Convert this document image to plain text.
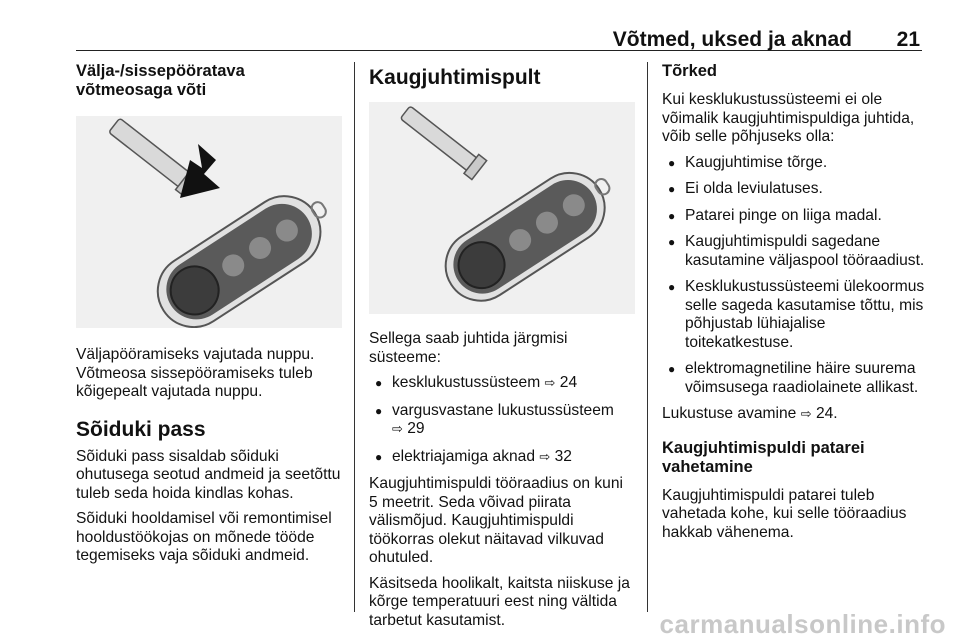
Võtmed, uksed ja aknad 21
Välja-/sissepööratava võtmeosaga võti

Väljapööramiseks vajutada nuppu. Võtmeosa sissepööramiseks tuleb kõigepealt vajutada nuppu.

Sõiduki pass

Sõiduki pass sisaldab sõiduki ohutusega seotud andmeid ja seetõttu tuleb seda hoida kindlas kohas.

Sõiduki hooldamisel või remontimisel hooldustöökojas on mõnede tööde tegemiseks vaja sõiduki andmeid.

Kaugjuhtimispult

Sellega saab juhtida järgmisi süsteeme:

● kesklukustussüsteem ⇨ 24
● vargusvastane lukustussüsteem
⇨ 29
● elektriajamiga aknad ⇨ 32

Kaugjuhtimispuldi tööraadius on kuni 5 meetrit. Seda võivad piirata välismõjud. Kaugjuhtimispuldi töökorras olekut näitavad vilkuvad ohutuled.

Käsitseda hoolikalt, kaitsta niiskuse ja kõrge temperatuuri eest ning vältida tarbetut kasutamist.

Tõrked

Kui kesklukustussüsteemi ei ole võimalik kaugjuhtimispuldiga juhtida, võib selle põhjuseks olla:

● Kaugjuhtimise tõrge.
● Ei olda leviulatuses.
● Patarei pinge on liiga madal.
● Kaugjuhtimispuldi sagedane kasutamine väljaspool tööraadiust.
● Kesklukustussüsteemi ülekoormus selle sageda kasutamise tõttu, mis põhjustab lühiajalise toitekatkestuse.
● elektromagnetiline häire suurema võimsusega raadiolainete allikast.

Lukustuse avamine ⇨ 24.

Kaugjuhtimispuldi patarei vahetamine

Kaugjuhtimispuldi patarei tuleb vahetada kohe, kui selle tööraadius hakkab vähenema.

carmanualsonline.info
